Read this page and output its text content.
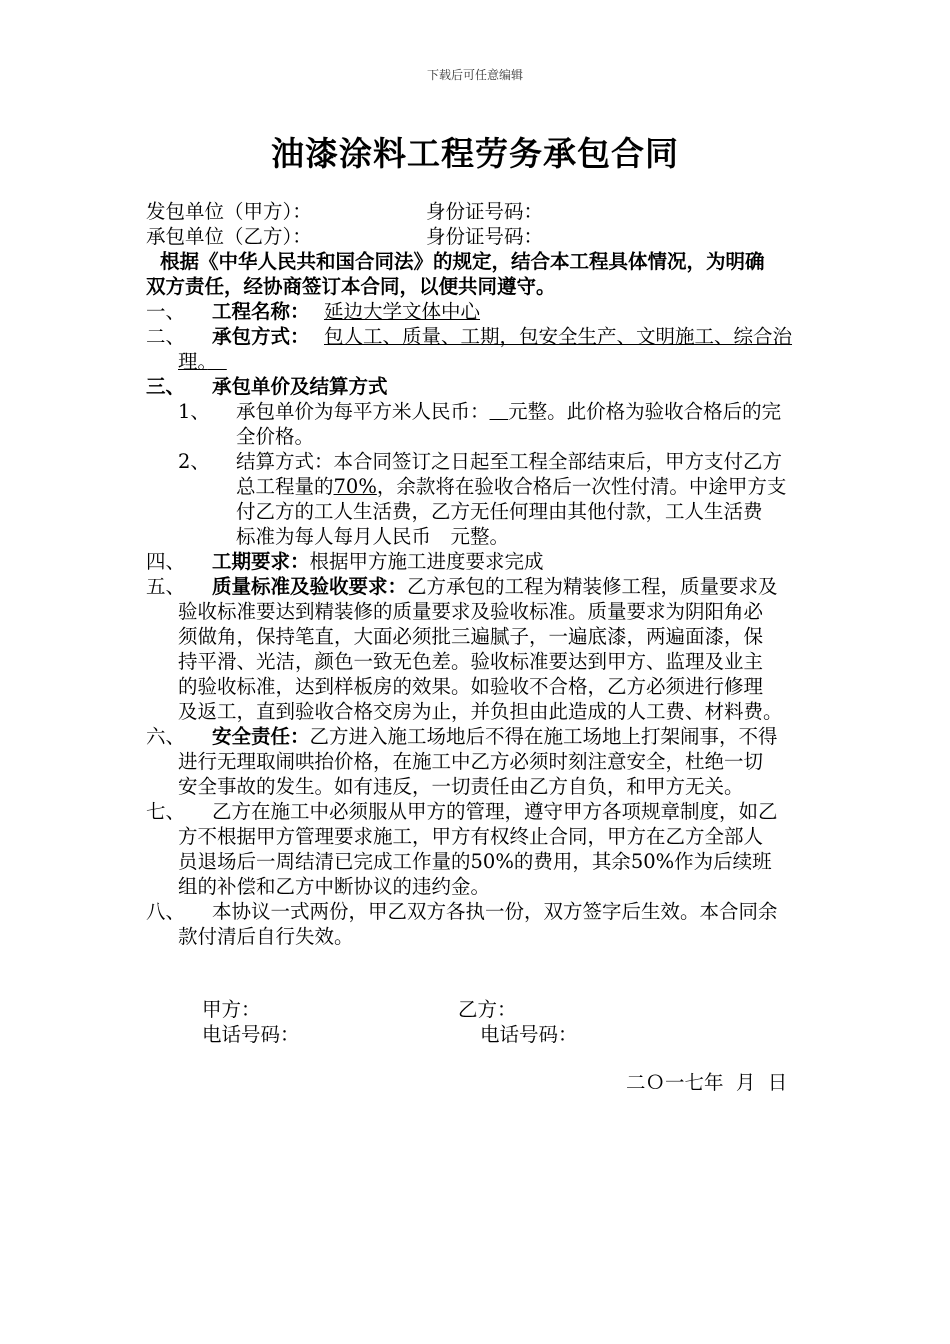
下载后可任意编辑
油漆涂料工程劳务承包合同
发包单位（甲方）：	身份证号码：
承包单位（乙方）：	身份证号码：
根据《中华人民共和国合同法》的规定，结合本工程具体情况，为明确
双方责任，经协商签订本合同，以便共同遵守。
一、 工程名称： 延边大学文体中心
二、 承包方式： 包人工、质量、工期，包安全生产、文明施工、综合治
理。　
三、 承包单价及结算方式
1、 承包单价为每平方米人民币： 元整。此价格为验收合格后的完
全价格。
2、 结算方式：本合同签订之日起至工程全部结束后，甲方支付乙方
总工程量的70%，余款将在验收合格后一次性付清。中途甲方支
付乙方的工人生活费，乙方无任何理由其他付款，工人生活费
标准为每人每月人民币　元整。
四、 工期要求：根据甲方施工进度要求完成
五、 质量标准及验收要求：乙方承包的工程为精装修工程，质量要求及
验收标准要达到精装修的质量要求及验收标准。质量要求为阴阳角必
须做角，保持笔直，大面必须批三遍腻子，一遍底漆，两遍面漆，保
持平滑、光洁，颜色一致无色差。验收标准要达到甲方、监理及业主
的验收标准，达到样板房的效果。如验收不合格，乙方必须进行修理
及返工，直到验收合格交房为止，并负担由此造成的人工费、材料费。
六、 安全责任：乙方进入施工场地后不得在施工场地上打架闹事，不得
进行无理取闹哄抬价格，在施工中乙方必须时刻注意安全，杜绝一切
安全事故的发生。如有违反，一切责任由乙方自负，和甲方无关。
七、 乙方在施工中必须服从甲方的管理，遵守甲方各项规章制度，如乙
方不根据甲方管理要求施工，甲方有权终止合同，甲方在乙方全部人
员退场后一周结清已完成工作量的50%的费用，其余50%作为后续班
组的补偿和乙方中断协议的违约金。
八、 本协议一式两份，甲乙双方各执一份，双方签字后生效。本合同余
款付清后自行失效。
甲方：	乙方：
电话号码：	电话号码：
二Ｏ一七年  月  日
